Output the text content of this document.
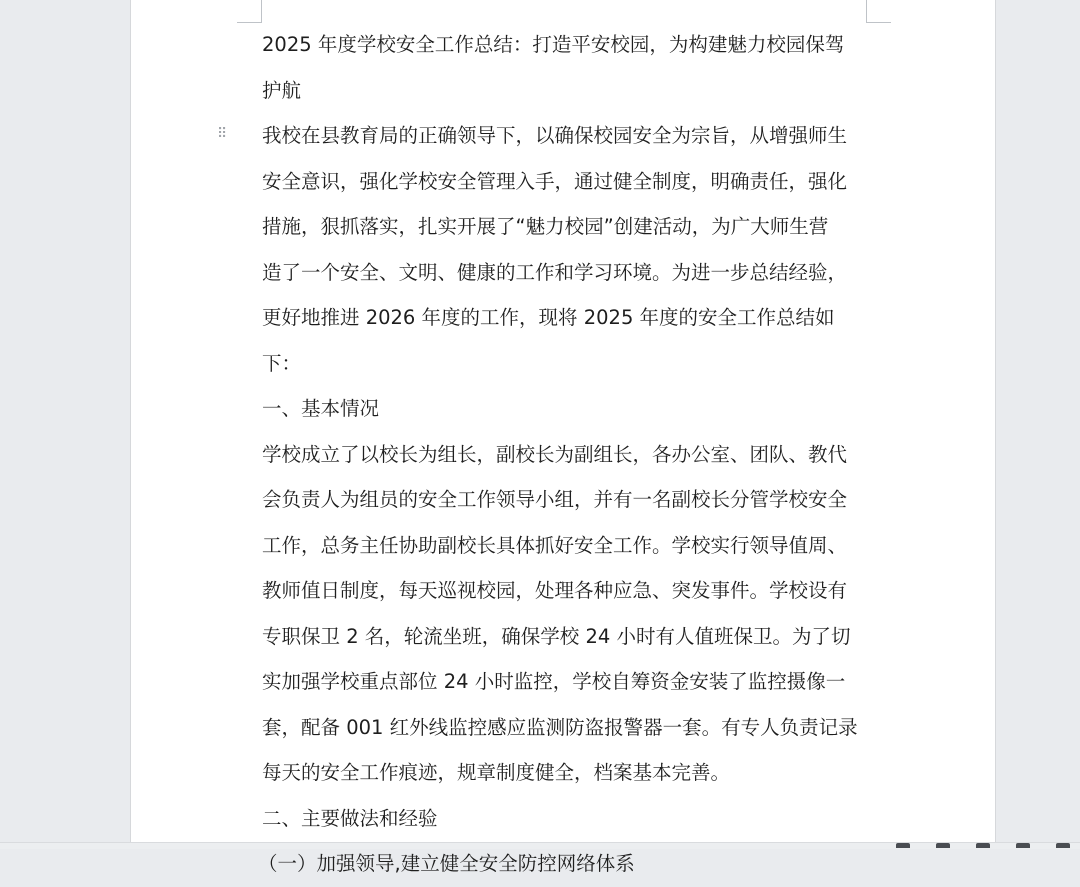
⠿

2025 年度学校安全工作总结：打造平安校园，为构建魅力校园保驾

护航

我校在县教育局的正确领导下，以确保校园安全为宗旨，从增强师生

安全意识，强化学校安全管理入手，通过健全制度，明确责任，强化

措施，狠抓落实，扎实开展了“魅力校园”创建活动，为广大师生营

造了一个安全、文明、健康的工作和学习环境。为进一步总结经验，

更好地推进 2026 年度的工作，现将 2025 年度的安全工作总结如下：

一、基本情况

学校成立了以校长为组长，副校长为副组长，各办公室、团队、教代

会负责人为组员的安全工作领导小组，并有一名副校长分管学校安全

工作，总务主任协助副校长具体抓好安全工作。学校实行领导值周、

教师值日制度，每天巡视校园，处理各种应急、突发事件。学校设有

专职保卫 2 名，轮流坐班，确保学校 24 小时有人值班保卫。为了切

实加强学校重点部位 24 小时监控，学校自筹资金安装了监控摄像一

套，配备 001 红外线监控感应监测防盗报警器一套。有专人负责记录

每天的安全工作痕迹，规章制度健全，档案基本完善。

二、主要做法和经验

（一）加强领导,建立健全安全防控网络体系
